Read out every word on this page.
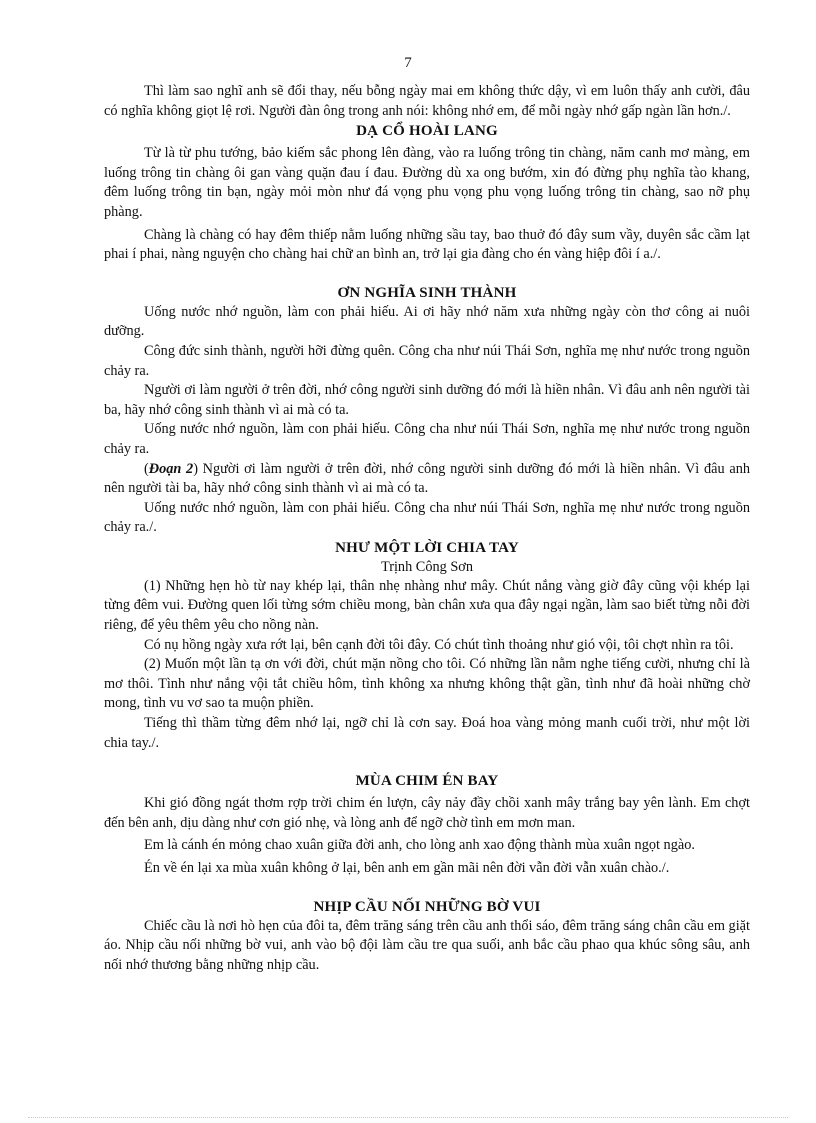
7

Thì làm sao nghĩ anh sẽ đổi thay, nếu bỗng ngày mai em không thức dậy, vì em luôn thấy anh cười, đâu có nghĩa không giọt lệ rơi. Người đàn ông trong anh nói: không nhớ em, để mỗi ngày nhớ gấp ngàn lần hơn./.

DẠ CỔ HOÀI LANG

Từ là từ phu tướng, bảo kiếm sắc phong lên đàng, vào ra luống trông tin chàng, năm canh mơ màng, em luống trông tin chàng ôi gan vàng quặn đau í đau. Đường dù xa ong bướm, xin đó đừng phụ nghĩa tào khang, đêm luống trông tin bạn, ngày mỏi mòn như đá vọng phu vọng phu vọng luống trông tin chàng, sao nỡ phụ phàng.

Chàng là chàng có hay đêm thiếp nằm luống những sầu tay, bao thuở đó đây sum vầy, duyên sắc cầm lạt phai í phai, nàng nguyện cho chàng hai chữ an bình an, trở lại gia đàng cho én vàng hiệp đôi í a./.

ƠN NGHĨA SINH THÀNH

Uống nước nhớ nguồn, làm con phải hiếu. Ai ơi hãy nhớ năm xưa những ngày còn thơ công ai nuôi dưỡng.

Công đức sinh thành, người hỡi đừng quên. Công cha như núi Thái Sơn, nghĩa mẹ như nước trong nguồn chảy ra.

Người ơi làm người ở trên đời, nhớ công người sinh dưỡng đó mới là hiền nhân. Vì đâu anh nên người tài ba, hãy nhớ công sinh thành vì ai mà có ta.

Uống nước nhớ nguồn, làm con phải hiếu. Công cha như núi Thái Sơn, nghĩa mẹ như nước trong nguồn chảy ra.

(Đoạn 2) Người ơi làm người ở trên đời, nhớ công người sinh dưỡng đó mới là hiền nhân. Vì đâu anh nên người tài ba, hãy nhớ công sinh thành vì ai mà có ta.

Uống nước nhớ nguồn, làm con phải hiếu. Công cha như núi Thái Sơn, nghĩa mẹ như nước trong nguồn chảy ra./.

NHƯ MỘT LỜI CHIA TAY
Trịnh Công Sơn

(1) Những hẹn hò từ nay khép lại, thân nhẹ nhàng như mây. Chút nắng vàng giờ đây cũng vội khép lại từng đêm vui. Đường quen lối từng sớm chiều mong, bàn chân xưa qua đây ngại ngần, làm sao biết từng nỗi đời riêng, để yêu thêm yêu cho nồng nàn.

Có nụ hồng ngày xưa rớt lại, bên cạnh đời tôi đây. Có chút tình thoảng như gió vội, tôi chợt nhìn ra tôi.

(2) Muốn một lần tạ ơn với đời, chút mặn nồng cho tôi. Có những lần nằm nghe tiếng cười, nhưng chỉ là mơ thôi. Tình như nắng vội tắt chiều hôm, tình không xa nhưng không thật gần, tình như đã hoài những chờ mong, tình vu vơ sao ta muộn phiền.

Tiếng thì thầm từng đêm nhớ lại, ngỡ chỉ là cơn say. Đoá hoa vàng mỏng manh cuối trời, như một lời chia tay./.

MÙA CHIM ÉN BAY

Khi gió đồng ngát thơm rợp trời chim én lượn, cây nảy đầy chồi xanh mây trắng bay yên lành. Em chợt đến bên anh, dịu dàng như cơn gió nhẹ, và lòng anh để ngỡ chờ tình em mơn man.

Em là cánh én mỏng chao xuân giữa đời anh, cho lòng anh xao động thành mùa xuân ngọt ngào.

Én về én lại xa mùa xuân không ở lại, bên anh em gần mãi nên đời vẫn đời vẫn xuân chào./.

NHỊP CẦU NỐI NHỮNG BỜ VUI

Chiếc cầu là nơi hò hẹn của đôi ta, đêm trăng sáng trên cầu anh thổi sáo, đêm trăng sáng chân cầu em giặt áo. Nhịp cầu nối những bờ vui, anh vào bộ đội làm cầu tre qua suối, anh bắc cầu phao qua khúc sông sâu, anh nối nhớ thương bằng những nhịp cầu.
